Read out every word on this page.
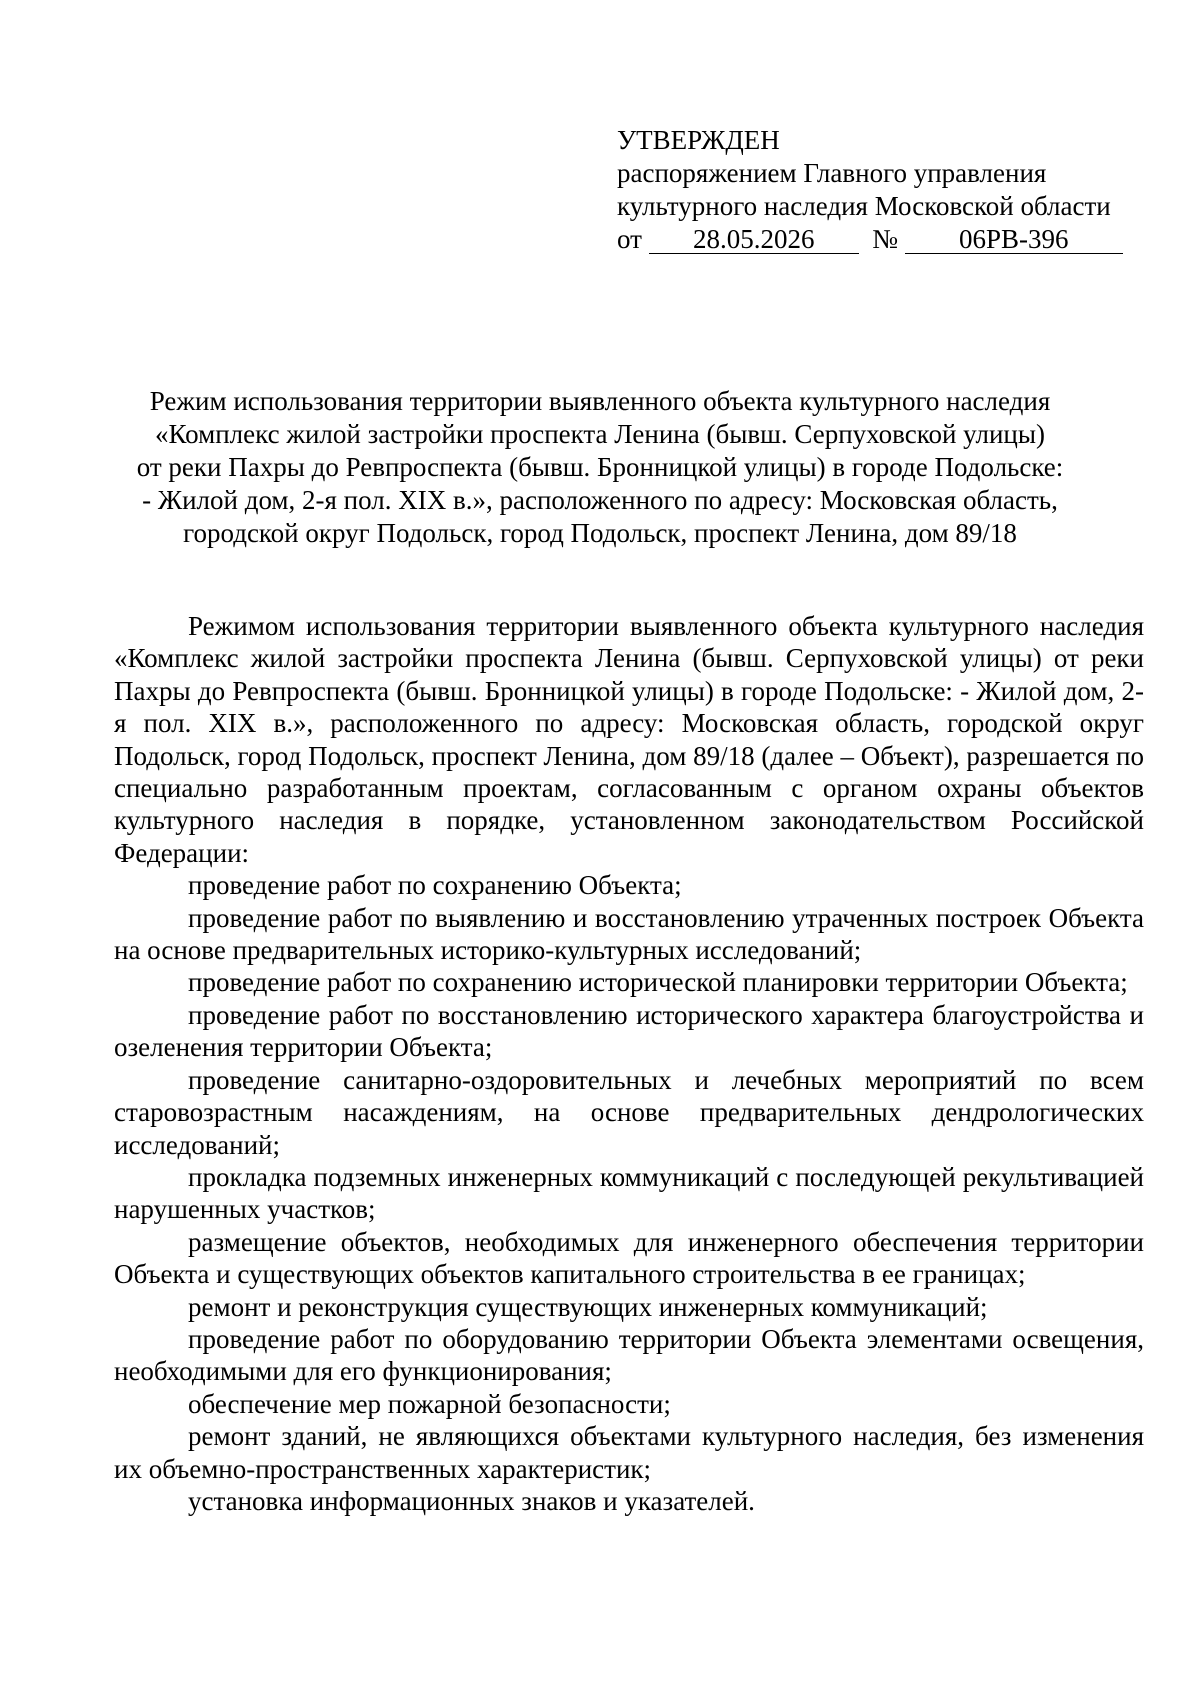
УТВЕРЖДЕН
распоряжением Главного управления
культурного наследия Московской области
от 28.05.2026 № 06РВ-396
Режим использования территории выявленного объекта культурного наследия
«Комплекс жилой застройки проспекта Ленина (бывш. Серпуховской улицы)
от реки Пахры до Ревпроспекта (бывш. Бронницкой улицы) в городе Подольске:
- Жилой дом, 2-я пол. XIX в.», расположенного по адресу: Московская область,
городской округ Подольск, город Подольск, проспект Ленина, дом 89/18

Режимом использования территории выявленного объекта культурного наследия «Комплекс жилой застройки проспекта Ленина (бывш. Серпуховской улицы) от реки Пахры до Ревпроспекта (бывш. Бронницкой улицы) в городе Подольске: - Жилой дом, 2-я пол. XIX в.», расположенного по адресу: Московская область, городской округ Подольск, город Подольск, проспект Ленина, дом 89/18 (далее – Объект), разрешается по специально разработанным проектам, согласованным с органом охраны объектов культурного наследия в порядке, установленном законодательством Российской Федерации:

проведение работ по сохранению Объекта;

проведение работ по выявлению и восстановлению утраченных построек Объекта на основе предварительных историко-культурных исследований;

проведение работ по сохранению исторической планировки территории Объекта;

проведение работ по восстановлению исторического характера благоустройства и озеленения территории Объекта;

проведение санитарно-оздоровительных и лечебных мероприятий по всем старовозрастным насаждениям, на основе предварительных дендрологических исследований;

прокладка подземных инженерных коммуникаций с последующей рекультивацией нарушенных участков;

размещение объектов, необходимых для инженерного обеспечения территории Объекта и существующих объектов капитального строительства в ее границах;

ремонт и реконструкция существующих инженерных коммуникаций;

проведение работ по оборудованию территории Объекта элементами освещения, необходимыми для его функционирования;

обеспечение мер пожарной безопасности;

ремонт зданий, не являющихся объектами культурного наследия, без изменения их объемно-пространственных характеристик;

установка информационных знаков и указателей.
